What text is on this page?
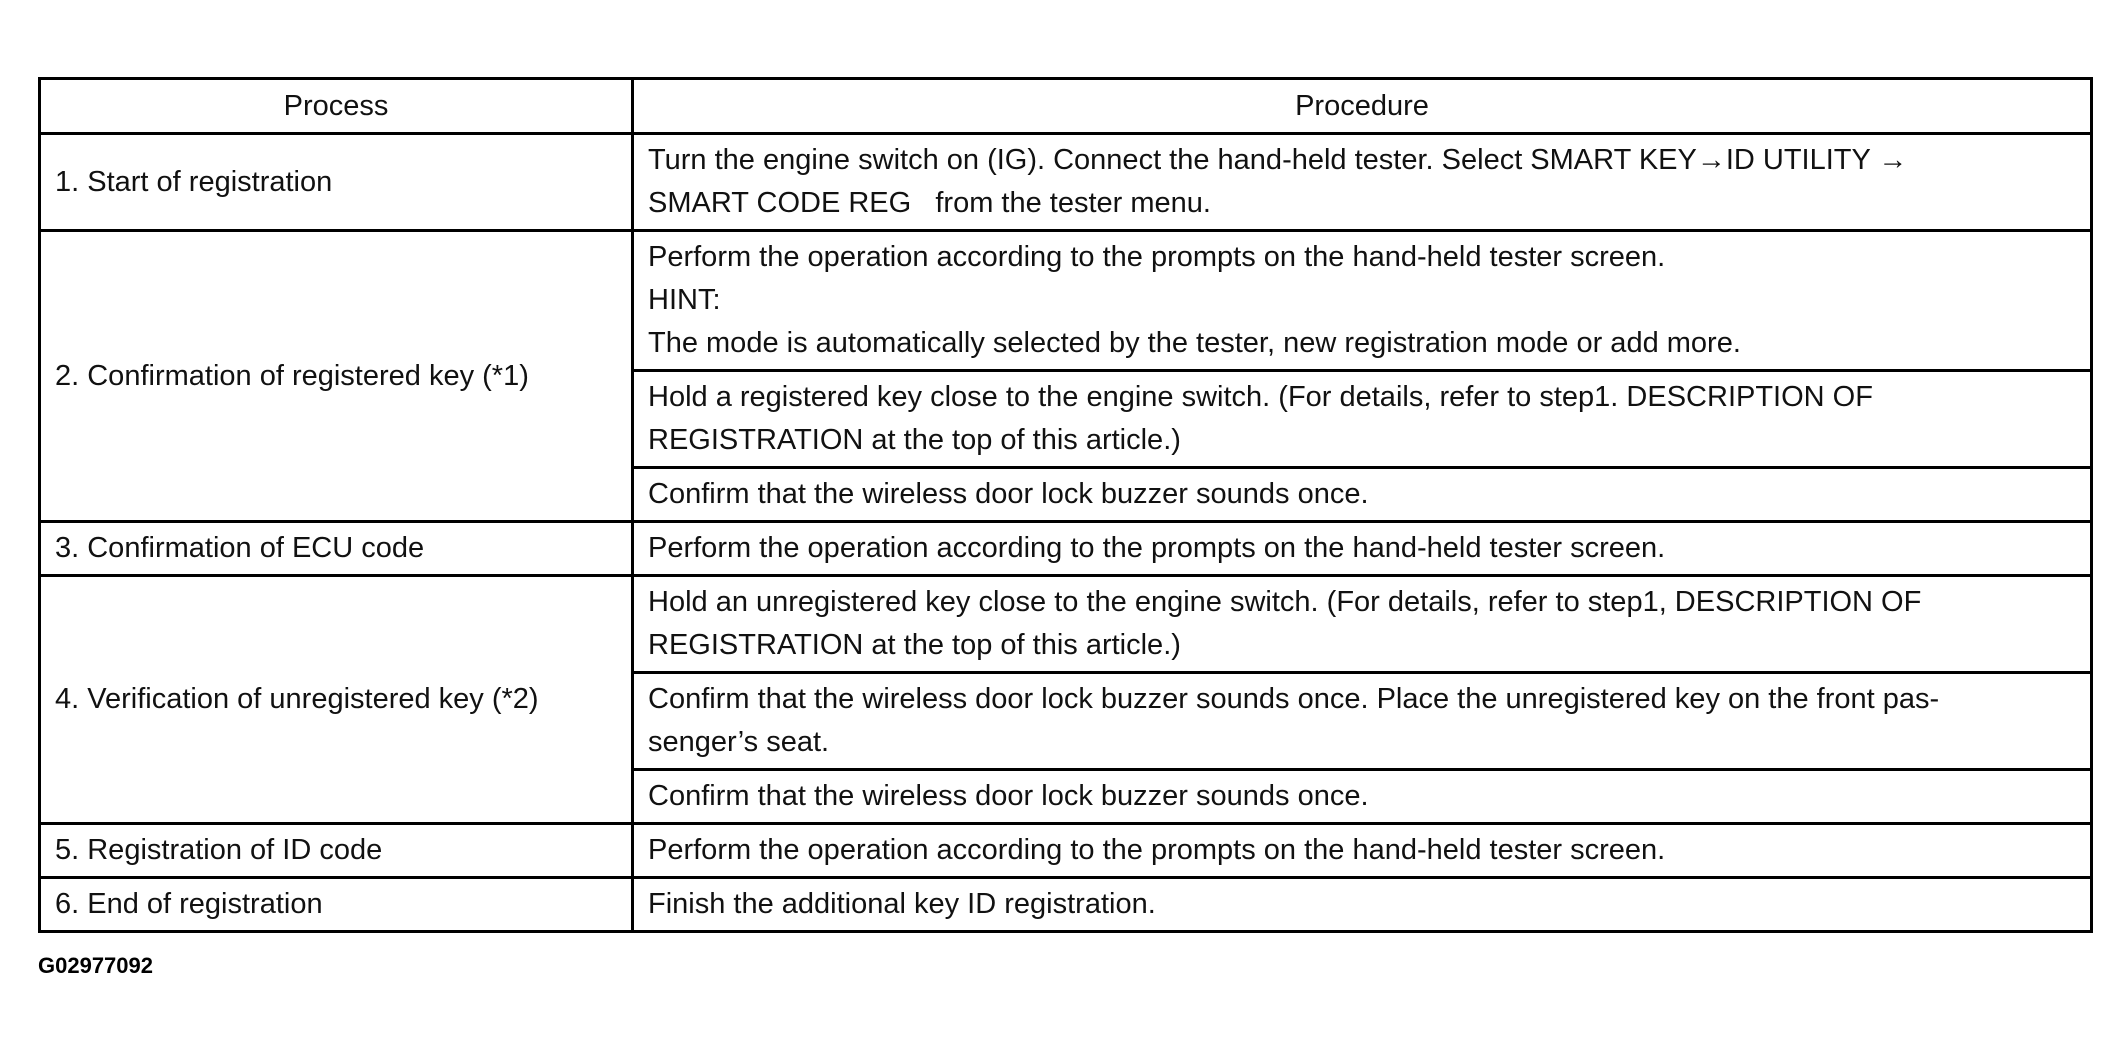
Process	Procedure
1. Start of registration	Turn the engine switch on (IG). Connect the hand-held tester. Select SMART KEY→ID UTILITY →
SMART CODE REG   from the tester menu.

2. Confirmation of registered key (*1)	Perform the operation according to the prompts on the hand-held tester screen.
HINT:
The mode is automatically selected by the tester, new registration mode or add more.

	Hold a registered key close to the engine switch. (For details, refer to step1. DESCRIPTION OF
REGISTRATION at the top of this article.)

	Confirm that the wireless door lock buzzer sounds once.

3. Confirmation of ECU code	Perform the operation according to the prompts on the hand-held tester screen.

4. Verification of unregistered key (*2)	Hold an unregistered key close to the engine switch. (For details, refer to step1, DESCRIPTION OF
REGISTRATION at the top of this article.)

	Confirm that the wireless door lock buzzer sounds once. Place the unregistered key on the front pas-
senger’s seat.

	Confirm that the wireless door lock buzzer sounds once.

5. Registration of ID code	Perform the operation according to the prompts on the hand-held tester screen.

6. End of registration	Finish the additional key ID registration.
G02977092
